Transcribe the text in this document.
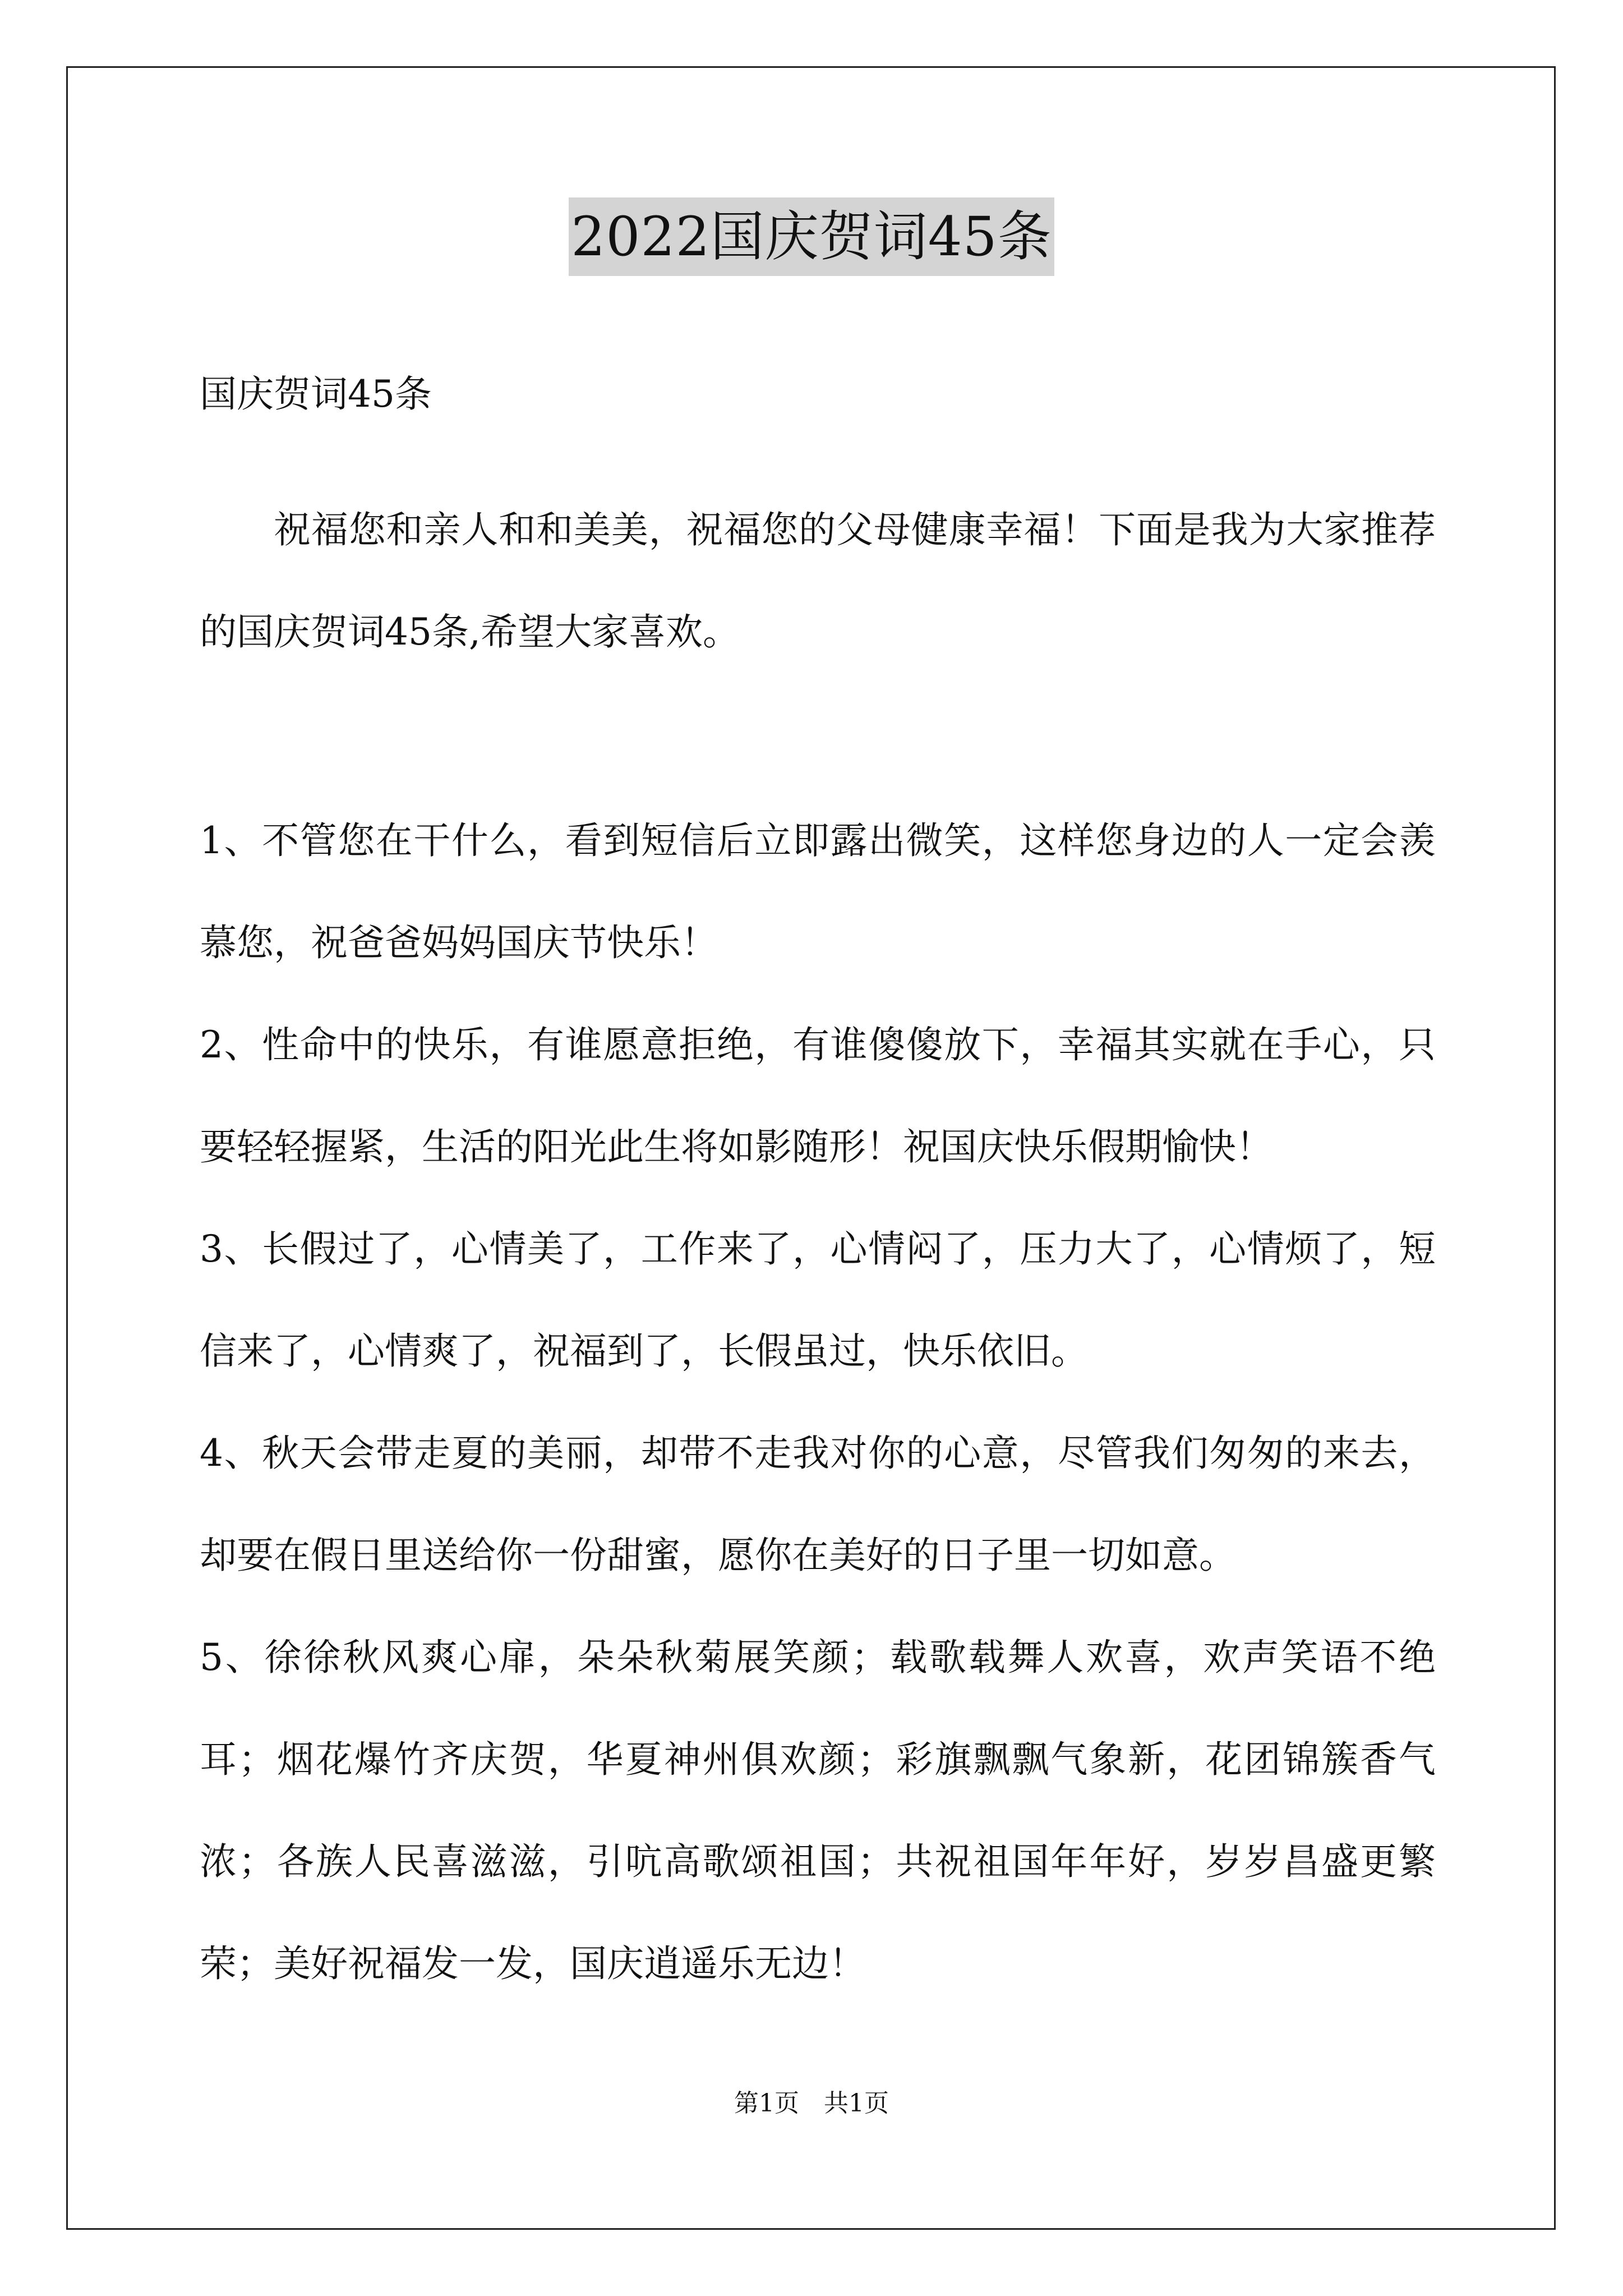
2022国庆贺词45条

国庆贺词45条

祝福您和亲人和和美美，祝福您的父母健康幸福！下面是我为大家推荐的国庆贺词45条,希望大家喜欢。

1、不管您在干什么，看到短信后立即露出微笑，这样您身边的人一定会羡慕您，祝爸爸妈妈国庆节快乐！

2、性命中的快乐，有谁愿意拒绝，有谁傻傻放下，幸福其实就在手心，只要轻轻握紧，生活的阳光此生将如影随形！祝国庆快乐假期愉快！

3、长假过了，心情美了，工作来了，心情闷了，压力大了，心情烦了，短信来了，心情爽了，祝福到了，长假虽过，快乐依旧。

4、秋天会带走夏的美丽，却带不走我对你的心意，尽管我们匆匆的来去，却要在假日里送给你一份甜蜜，愿你在美好的日子里一切如意。

5、徐徐秋风爽心扉，朵朵秋菊展笑颜；载歌载舞人欢喜，欢声笑语不绝耳；烟花爆竹齐庆贺，华夏神州俱欢颜；彩旗飘飘气象新，花团锦簇香气浓；各族人民喜滋滋，引吭高歌颂祖国；共祝祖国年年好，岁岁昌盛更繁荣；美好祝福发一发，国庆逍遥乐无边！

第1页　共1页
